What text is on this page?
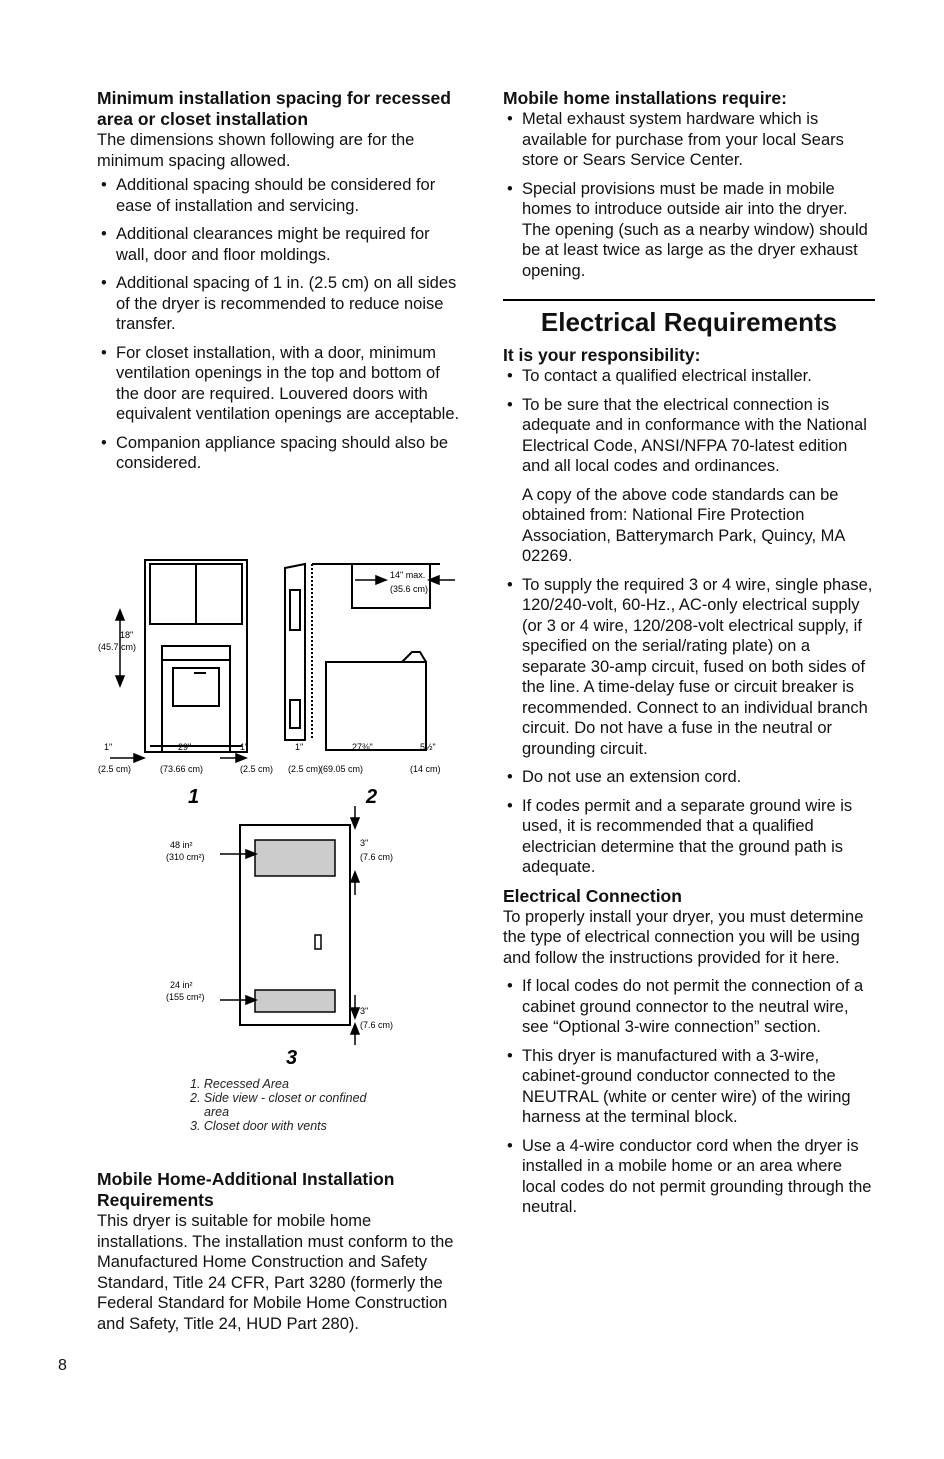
Minimum installation spacing for recessed area or closet installation

The dimensions shown following are for the minimum spacing allowed.

• Additional spacing should be considered for ease of installation and servicing.
• Additional clearances might be required for wall, door and floor moldings.
• Additional spacing of 1 in. (2.5 cm) on all sides of the dryer is recommended to reduce noise transfer.
• For closet installation, with a door, minimum ventilation openings in the top and bottom of the door are required. Louvered doors with equivalent ventilation openings are acceptable.
• Companion appliance spacing should also be considered.
18"
(45.7 cm)
1"
(2.5 cm)
29"
(73.66 cm)
1"
(2.5 cm)
14" max.
(35.6 cm)
1"
(2.5 cm)
27⅜"
(69.05 cm)
5½"
(14 cm)
3"
(7.6 cm)
48 in²
(310 cm²)
24 in²
(155 cm²)
3"
(7.6 cm)
1	2
3
1. Recessed Area
2. Side view - closet or confined
area
3. Closet door with vents
Mobile Home-Additional Installation Requirements

This dryer is suitable for mobile home installations. The installation must conform to the Manufactured Home Construction and Safety Standard, Title 24 CFR, Part 3280 (formerly the Federal Standard for Mobile Home Construction and Safety, Title 24, HUD Part 280).

Mobile home installations require:
• Metal exhaust system hardware which is available for purchase from your local Sears store or Sears Service Center.
• Special provisions must be made in mobile homes to introduce outside air into the dryer. The opening (such as a nearby window) should be at least twice as large as the dryer exhaust opening.
Electrical Requirements
It is your responsibility:
• To contact a qualified electrical installer.
• To be sure that the electrical connection is adequate and in conformance with the National Electrical Code, ANSI/NFPA 70-latest edition and all local codes and ordinances.

A copy of the above code standards can be obtained from: National Fire Protection Association, Batterymarch Park, Quincy, MA 02269.

• To supply the required 3 or 4 wire, single phase, 120/240-volt, 60-Hz., AC-only electrical supply (or 3 or 4 wire, 120/208-volt electrical supply, if specified on the serial/rating plate) on a separate 30-amp circuit, fused on both sides of the line. A time-delay fuse or circuit breaker is recommended. Connect to an individual branch circuit. Do not have a fuse in the neutral or grounding circuit.
• Do not use an extension cord.
• If codes permit and a separate ground wire is used, it is recommended that a qualified electrician determine that the ground path is adequate.
Electrical Connection

To properly install your dryer, you must determine the type of electrical connection you will be using and follow the instructions provided for it here.

• If local codes do not permit the connection of a cabinet ground connector to the neutral wire, see “Optional 3-wire connection” section.
• This dryer is manufactured with a 3-wire, cabinet-ground conductor connected to the NEUTRAL (white or center wire) of the wiring harness at the terminal block.
• Use a 4-wire conductor cord when the dryer is installed in a mobile home or an area where local codes do not permit grounding through the neutral.
8
